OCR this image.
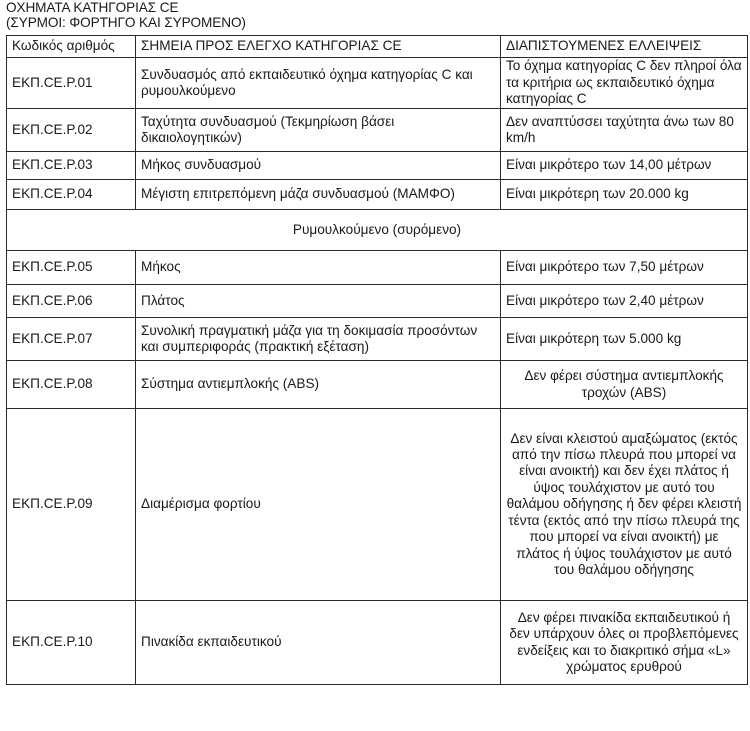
ΟΧΗΜΑΤΑ ΚΑΤΗΓΟΡΙΑΣ CE
(ΣΥΡΜΟΙ: ΦΟΡΤΗΓΟ ΚΑΙ ΣΥΡΟΜΕΝΟ)
Κωδικός αριθμός	ΣΗΜΕΙΑ ΠΡΟΣ ΕΛΕΓΧΟ ΚΑΤΗΓΟΡΙΑΣ CE	ΔΙΑΠΙΣΤΟΥΜΕΝΕΣ ΕΛΛΕΙΨΕΙΣ
ΕΚΠ.CE.Ρ.01	Συνδυασμός από εκπαιδευτικό όχημα κατηγορίας C και ρυμουλκούμενο	Το όχημα κατηγορίας C δεν πληροί όλα τα κριτήρια ως εκπαιδευτικό όχημα κατηγορίας C
ΕΚΠ.CE.Ρ.02	Ταχύτητα συνδυασμού (Τεκμηρίωση βάσει δικαιολογητικών)	Δεν αναπτύσσει ταχύτητα άνω των 80 km/h
ΕΚΠ.CE.Ρ.03	Μήκος συνδυασμού	Είναι μικρότερο των 14,00 μέτρων
ΕΚΠ.CE.Ρ.04	Μέγιστη επιτρεπόμενη μάζα συνδυασμού (ΜΑΜΦΟ)	Είναι μικρότερη των 20.000 kg
Ρυμουλκούμενο (συρόμενο)		
ΕΚΠ.CE.Ρ.05	Μήκος	Είναι μικρότερο των 7,50 μέτρων
ΕΚΠ.CE.Ρ.06	Πλάτος	Είναι μικρότερο των 2,40 μέτρων
ΕΚΠ.CE.Ρ.07	Συνολική πραγματική μάζα για τη δοκιμασία προσόντων και συμπεριφοράς (πρακτική εξέταση)	Είναι μικρότερη των 5.000 kg
ΕΚΠ.CE.Ρ.08	Σύστημα αντιεμπλοκής (ABS)	Δεν φέρει σύστημα αντιεμπλοκής τροχών (ABS)
ΕΚΠ.CE.Ρ.09	Διαμέρισμα φορτίου	Δεν είναι κλειστού αμαξώματος (εκτός από την πίσω πλευρά που μπορεί να είναι ανοικτή) και δεν έχει πλάτος ή ύψος τουλάχιστον με αυτό του θαλάμου οδήγησης ή δεν φέρει κλειστή τέντα (εκτός από την πίσω πλευρά της που μπορεί να είναι ανοικτή) με πλάτος ή ύψος τουλάχιστον με αυτό του θαλάμου οδήγησης
ΕΚΠ.CE.Ρ.10	Πινακίδα εκπαιδευτικού	Δεν φέρει πινακίδα εκπαιδευτικού ή δεν υπάρχουν όλες οι προβλεπόμενες ενδείξεις και το διακριτικό σήμα «L» χρώματος ερυθρού
